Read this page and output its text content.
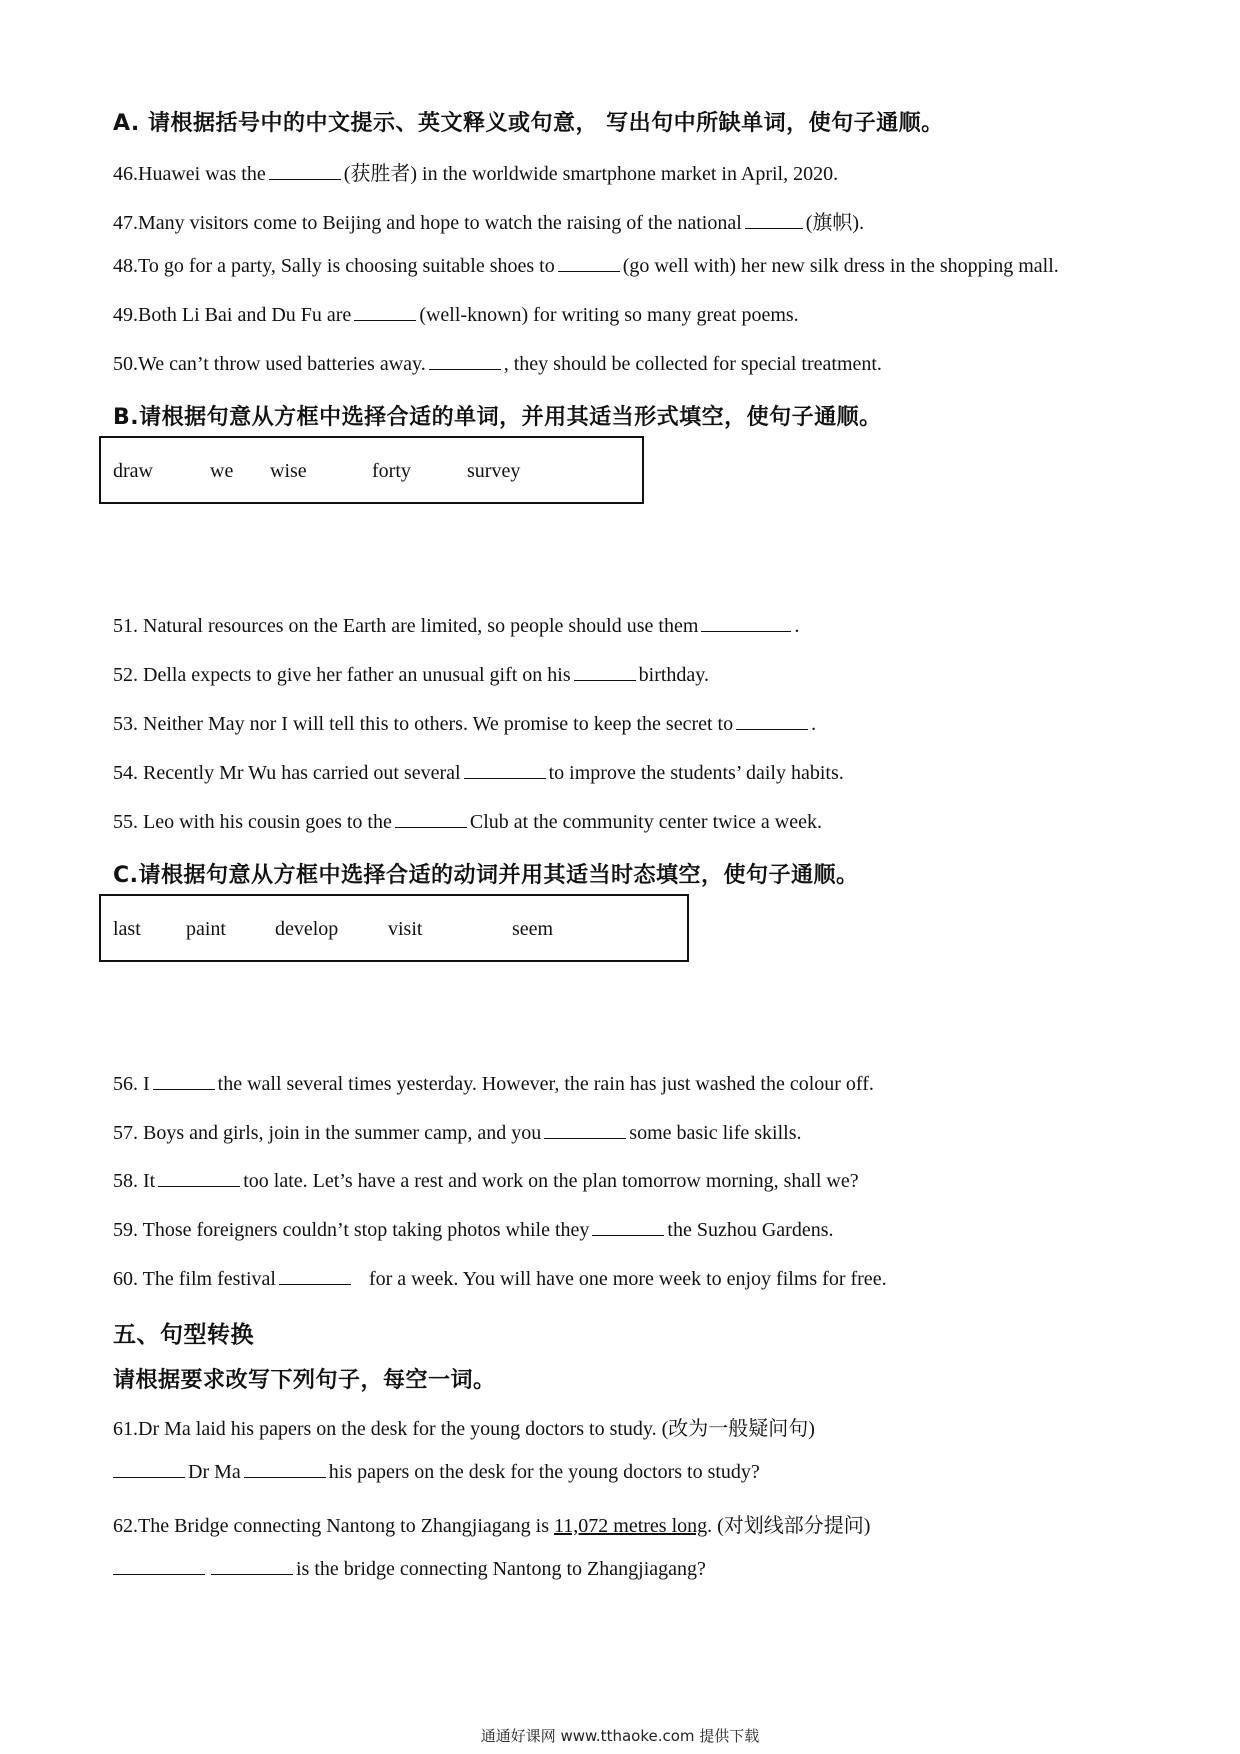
A. 请根据括号中的中文提示、英文释义或句意， 写出句中所缺单词，使句子通顺。
46.Huawei was the	(获胜者) in the worldwide smartphone market in April, 2020.
47.Many visitors come to Beijing and hope to watch the raising of the national	(旗帜).
48.To go for a party, Sally is choosing suitable shoes to	(go well with) her new silk dress in the shopping mall.
49.Both Li Bai and Du Fu are	(well-known) for writing so many great poems.
50.We can’t throw used batteries away.	, they should be collected for special treatment.
B.请根据句意从方框中选择合适的单词，并用其适当形式填空，使句子通顺。
draw	we wise	forty	survey
51. Natural resources on the Earth are limited, so people should use them	.
52. Della expects to give her father an unusual gift on his	birthday.
53. Neither May nor I will tell this to others. We promise to keep the secret to	.
54. Recently Mr Wu has carried out several	to improve the students’ daily habits.
55. Leo with his cousin goes to the	Club at the community center twice a week.
C.请根据句意从方框中选择合适的动词并用其适当时态填空，使句子通顺。
last paint develop visit	seem
56. I	the wall several times yesterday. However, the rain has just washed the colour off.
57. Boys and girls, join in the summer camp, and you	some basic life skills.
58. It	too late. Let’s have a rest and work on the plan tomorrow morning, shall we?
59. Those foreigners couldn’t stop taking photos while they	the Suzhou Gardens.
60. The film festival	for a week. You will have one more week to enjoy films for free.
五、句型转换
请根据要求改写下列句子，每空一词。
61.Dr Ma laid his papers on the desk for the young doctors to study. (改为一般疑问句)
Dr Ma	his papers on the desk for the young doctors to study?
62.The Bridge connecting Nantong to Zhangjiagang is 11,072 metres long. (对划线部分提问)
is the bridge connecting Nantong to Zhangjiagang?
通通好课网 www.tthaoke.com 提供下载
